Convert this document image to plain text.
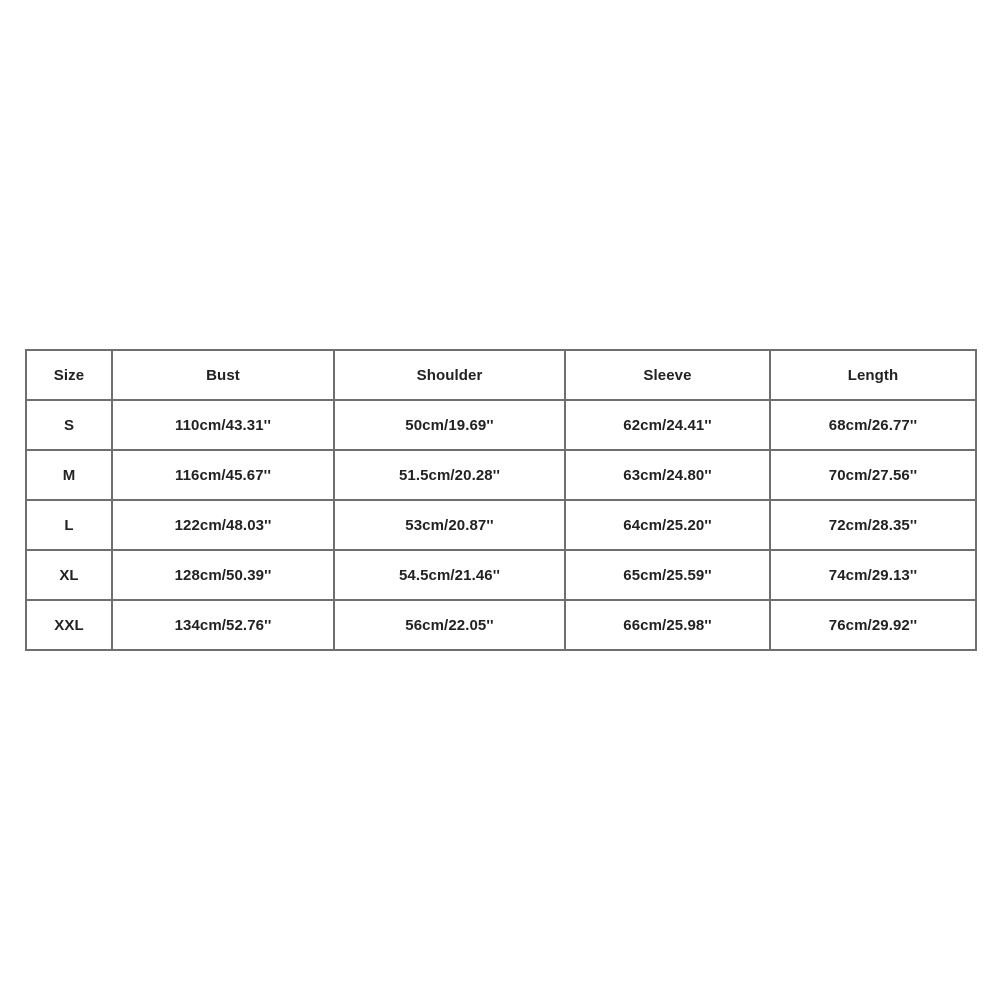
Size	Bust	Shoulder	Sleeve	Length
S	110cm/43.31''	50cm/19.69''	62cm/24.41''	68cm/26.77''
M	116cm/45.67''	51.5cm/20.28''	63cm/24.80''	70cm/27.56''
L	122cm/48.03''	53cm/20.87''	64cm/25.20''	72cm/28.35''
XL	128cm/50.39''	54.5cm/21.46''	65cm/25.59''	74cm/29.13''
XXL	134cm/52.76''	56cm/22.05''	66cm/25.98''	76cm/29.92''
